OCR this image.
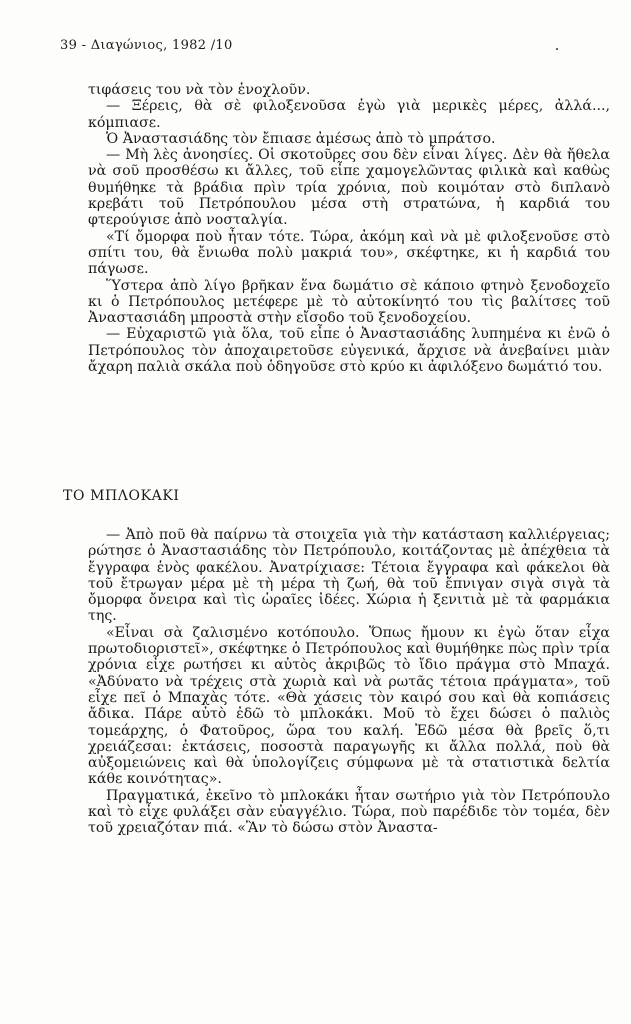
39 - Διαγώνιος, 1982 /10

τιφάσεις του νὰ τὸν ἐνοχλοῦν.

— Ξέρεις, θὰ σὲ φιλοξενοῦσα ἐγὼ γιὰ μερικὲς μέρες, ἀλλά..., κόμπιασε.

Ὁ Ἀναστασιάδης τὸν ἔπιασε ἀμέσως ἀπὸ τὸ μπράτσο.

— Μὴ λὲς ἀνοησίες. Οἱ σκοτοῦρες σου δὲν εἶναι λίγες. Δὲν θὰ ἤθελα νὰ σοῦ προσθέσω κι ἄλλες, τοῦ εἶπε χαμογελῶντας φιλικὰ καὶ καθὼς θυμήθηκε τὰ βράδια πρὶν τρία χρόνια, ποὺ κοιμόταν στὸ διπλανὸ κρεβάτι τοῦ Πετρόπουλου μέσα στὴ στρατώνα, ἡ καρδιά του φτερούγισε ἀπὸ νοσταλγία.

«Τί ὄμορφα ποὺ ἦταν τότε. Τώρα, ἀκόμη καὶ νὰ μὲ φιλοξενοῦσε στὸ σπίτι του, θὰ ἔνιωθα πολὺ μακριά του», σκέφτηκε, κι ἡ καρδιά του πάγωσε.

Ὕστερα ἀπὸ λίγο βρῆκαν ἕνα δωμάτιο σὲ κάποιο φτηνὸ ξενοδοχεῖο κι ὁ Πετρόπουλος μετέφερε μὲ τὸ αὐτοκίνητό του τὶς βαλίτσες τοῦ Ἀναστασιάδη μπροστὰ στὴν εἴσοδο τοῦ ξενοδοχείου.

— Εὐχαριστῶ γιὰ ὅλα, τοῦ εἶπε ὁ Ἀναστασιάδης λυπημένα κι ἐνῶ ὁ Πετρόπουλος τὸν ἀποχαιρετοῦσε εὐγενικά, ἄρχισε νὰ ἀνεβαίνει μιὰν ἄχαρη παλιὰ σκάλα ποὺ ὁδηγοῦσε στὸ κρύο κι ἀφιλόξενο δωμάτιό του.

ΤΟ ΜΠΛΟΚΑΚΙ

— Ἀπὸ ποῦ θὰ παίρνω τὰ στοιχεῖα γιὰ τὴν κατάσταση καλλιέργειας; ρώτησε ὁ Ἀναστασιάδης τὸν Πετρόπουλο, κοιτάζοντας μὲ ἀπέχθεια τὰ ἔγγραφα ἑνὸς φακέλου. Ἀνατρίχιασε: Τέτοια ἔγγραφα καὶ φάκελοι θὰ τοῦ ἔτρωγαν μέρα μὲ τὴ μέρα τὴ ζωή, θὰ τοῦ ἔπνιγαν σιγὰ σιγὰ τὰ ὄμορφα ὄνειρα καὶ τὶς ὡραῖες ἰδέες. Χώρια ἡ ξενιτιὰ μὲ τὰ φαρμάκια της.

«Εἶναι σὰ ζαλισμένο κοτόπουλο. Ὅπως ἤμουν κι ἐγὼ ὅταν εἶχα πρωτοδιοριστεῖ», σκέφτηκε ὁ Πετρόπουλος καὶ θυμήθηκε πὼς πρὶν τρία χρόνια εἶχε ρωτήσει κι αὐτὸς ἀκριβῶς τὸ ἴδιο πράγμα στὸ Μπαχά. «Ἀδύνατο νὰ τρέχεις στὰ χωριὰ καὶ νὰ ρωτᾶς τέτοια πράγματα», τοῦ εἶχε πεῖ ὁ Μπαχὰς τότε. «Θὰ χάσεις τὸν καιρό σου καὶ θὰ κοπιάσεις ἄδικα. Πάρε αὐτὸ ἐδῶ τὸ μπλοκάκι. Μοῦ τὸ ἔχει δώσει ὁ παλιὸς τομεάρχης, ὁ Φατοῦρος, ὥρα του καλή. Ἐδῶ μέσα θὰ βρεῖς ὅ,τι χρειάζεσαι: ἐκτάσεις, ποσοστὰ παραγωγῆς κι ἄλλα πολλά, ποὺ θὰ αὐξομειώνεις καὶ θὰ ὑπολογίζεις σύμφωνα μὲ τὰ στατιστικὰ δελτία κάθε κοινότητας».

Πραγματικά, ἐκεῖνο τὸ μπλοκάκι ἦταν σωτήριο γιὰ τὸν Πετρόπουλο καὶ τὸ εἶχε φυλάξει σὰν εὐαγγέλιο. Τώρα, ποὺ παρέδιδε τὸν τομέα, δὲν τοῦ χρειαζόταν πιά. «Ἂν τὸ δώσω στὸν Ἀναστα-
